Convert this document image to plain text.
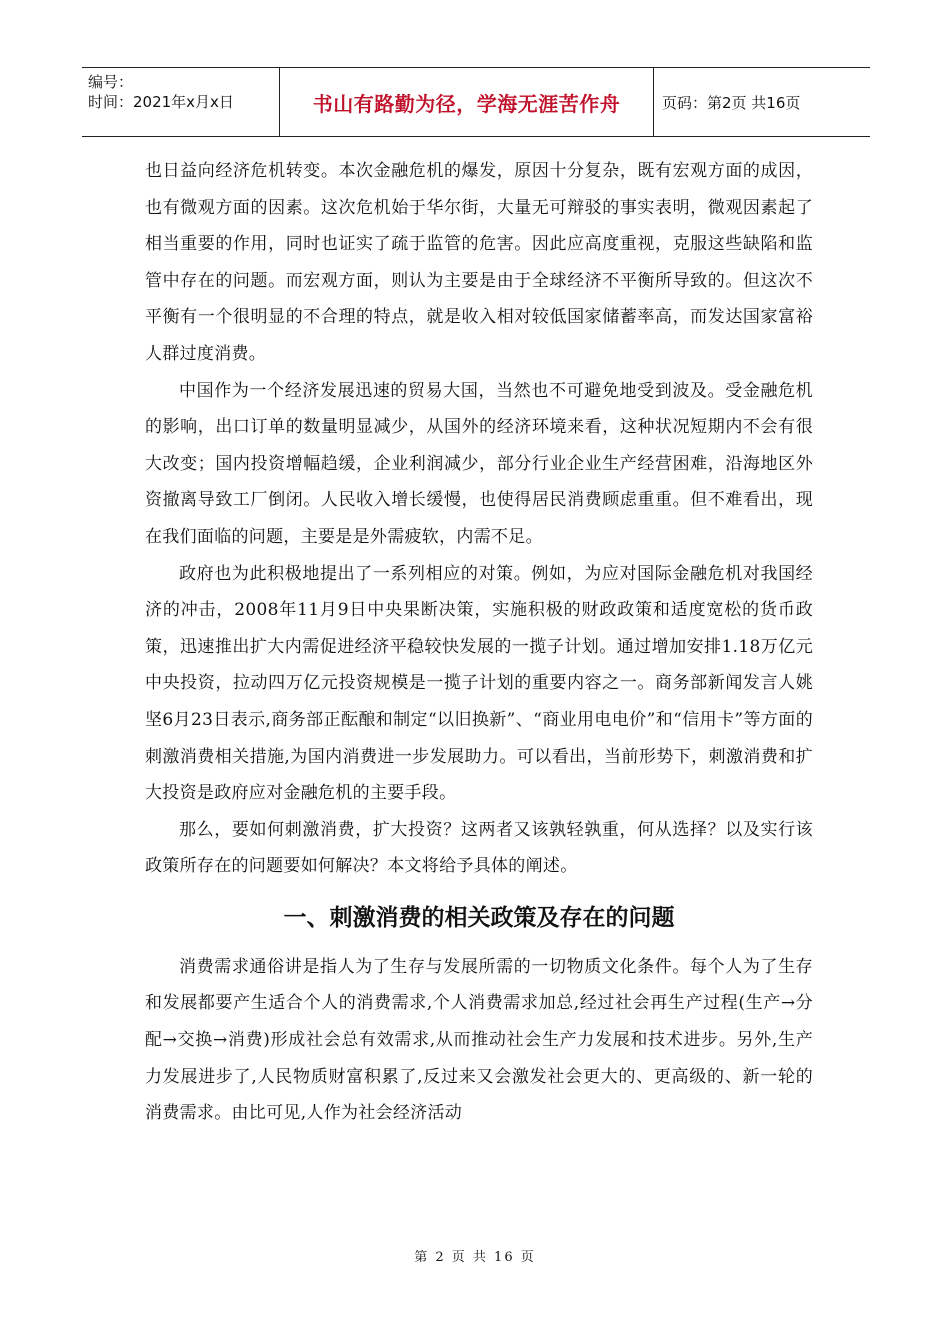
编号：
时间：2021年x月x日	书山有路勤为径，学海无涯苦作舟	页码：第2页 共16页

也日益向经济危机转变。本次金融危机的爆发，原因十分复杂，既有宏观方面的成因，也有微观方面的因素。这次危机始于华尔街，大量无可辩驳的事实表明，微观因素起了相当重要的作用，同时也证实了疏于监管的危害。因此应高度重视，克服这些缺陷和监管中存在的问题。而宏观方面，则认为主要是由于全球经济不平衡所导致的。但这次不平衡有一个很明显的不合理的特点，就是收入相对较低国家储蓄率高，而发达国家富裕人群过度消费。

中国作为一个经济发展迅速的贸易大国，当然也不可避免地受到波及。受金融危机的影响，出口订单的数量明显减少，从国外的经济环境来看，这种状况短期内不会有很大改变；国内投资增幅趋缓，企业利润减少，部分行业企业生产经营困难，沿海地区外资撤离导致工厂倒闭。人民收入增长缓慢，也使得居民消费顾虑重重。但不难看出，现在我们面临的问题，主要是是外需疲软，内需不足。

政府也为此积极地提出了一系列相应的对策。例如，为应对国际金融危机对我国经济的冲击，2008年11月9日中央果断决策，实施积极的财政政策和适度宽松的货币政策，迅速推出扩大内需促进经济平稳较快发展的一揽子计划。通过增加安排1.18万亿元中央投资，拉动四万亿元投资规模是一揽子计划的重要内容之一。商务部新闻发言人姚坚6月23日表示,商务部正酝酿和制定“以旧换新”、“商业用电电价”和“信用卡”等方面的刺激消费相关措施,为国内消费进一步发展助力。可以看出，当前形势下，刺激消费和扩大投资是政府应对金融危机的主要手段。

那么，要如何刺激消费，扩大投资？这两者又该孰轻孰重，何从选择？以及实行该政策所存在的问题要如何解决？本文将给予具体的阐述。

一、刺激消费的相关政策及存在的问题

消费需求通俗讲是指人为了生存与发展所需的一切物质文化条件。每个人为了生存和发展都要产生适合个人的消费需求,个人消费需求加总,经过社会再生产过程(生产→分配→交换→消费)形成社会总有效需求,从而推动社会生产力发展和技术进步。另外,生产力发展进步了,人民物质财富积累了,反过来又会激发社会更大的、更高级的、新一轮的消费需求。由比可见,人作为社会经济活动

第 2 页 共 16 页
